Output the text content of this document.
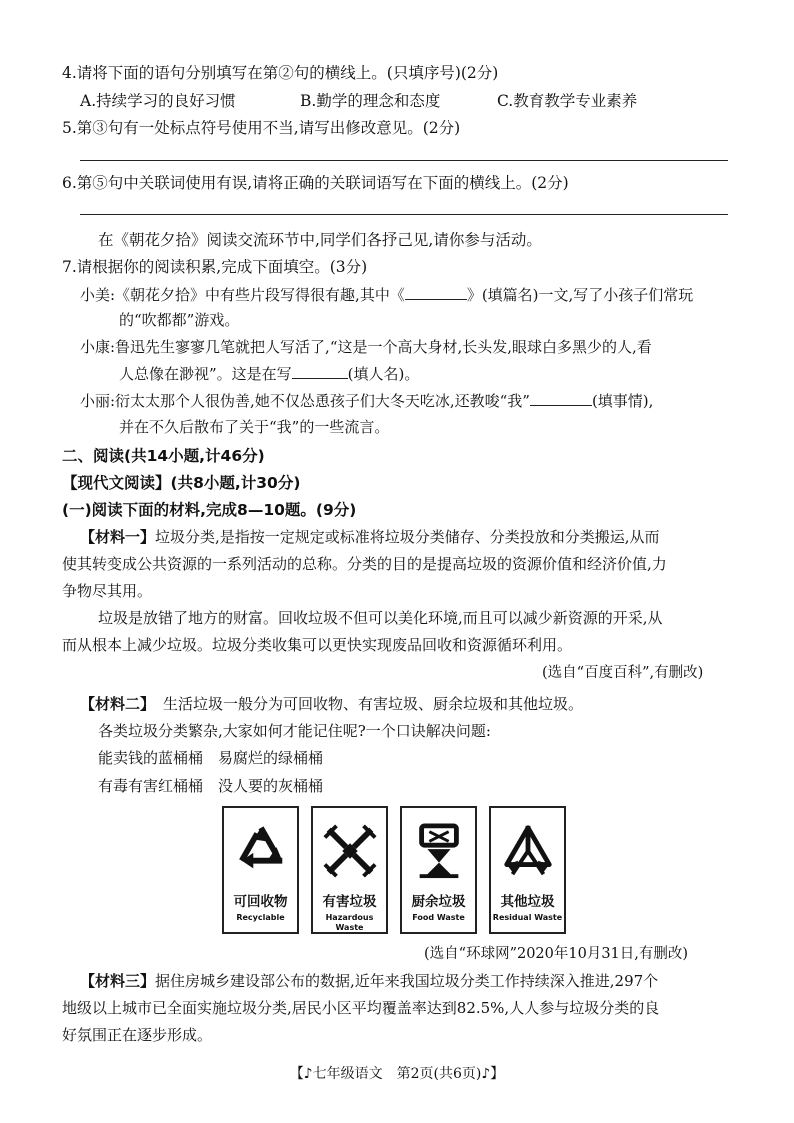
4.请将下面的语句分别填写在第②句的横线上。(只填序号)(2分)
A.持续学习的良好习惯	B.勤学的理念和态度	C.教育教学专业素养
5.第③句有一处标点符号使用不当,请写出修改意见。(2分)
6.第⑤句中关联词使用有误,请将正确的关联词语写在下面的横线上。(2分)
在《朝花夕拾》阅读交流环节中,同学们各抒己见,请你参与活动。
7.请根据你的阅读积累,完成下面填空。(3分)
小美:《朝花夕拾》中有些片段写得很有趣,其中《	》(填篇名)一文,写了小孩子们常玩
的“吹都都”游戏。
小康:鲁迅先生寥寥几笔就把人写活了,“这是一个高大身材,长头发,眼球白多黑少的人,看
人总像在渺视”。这是在写	(填人名)。
小丽:衍太太那个人很伪善,她不仅怂恿孩子们大冬天吃冰,还教唆“我”	(填事情),
并在不久后散布了关于“我”的一些流言。
二、阅读(共14小题,计46分)
【现代文阅读】(共8小题,计30分)
(一)阅读下面的材料,完成8—10题。(9分)
【材料一】垃圾分类,是指按一定规定或标准将垃圾分类储存、分类投放和分类搬运,从而
使其转变成公共资源的一系列活动的总称。分类的目的是提高垃圾的资源价值和经济价值,力
争物尽其用。
垃圾是放错了地方的财富。回收垃圾不但可以美化环境,而且可以减少新资源的开采,从
而从根本上减少垃圾。垃圾分类收集可以更快实现废品回收和资源循环利用。
(选自“百度百科”,有删改)
【材料二】 生活垃圾一般分为可回收物、有害垃圾、厨余垃圾和其他垃圾。
各类垃圾分类繁杂,大家如何才能记住呢?一个口诀解决问题:
能卖钱的蓝桶桶　易腐烂的绿桶桶
有毒有害红桶桶　没人要的灰桶桶
可回收物
Recyclable
有害垃圾
Hazardous Waste
厨余垃圾
Food Waste
其他垃圾
Residual Waste
(选自“环球网”2020年10月31日,有删改)
【材料三】据住房城乡建设部公布的数据,近年来我国垃圾分类工作持续深入推进,297个
地级以上城市已全面实施垃圾分类,居民小区平均覆盖率达到82.5%,人人参与垃圾分类的良
好氛围正在逐步形成。
【♪七年级语文　第2页(共6页)♪】
